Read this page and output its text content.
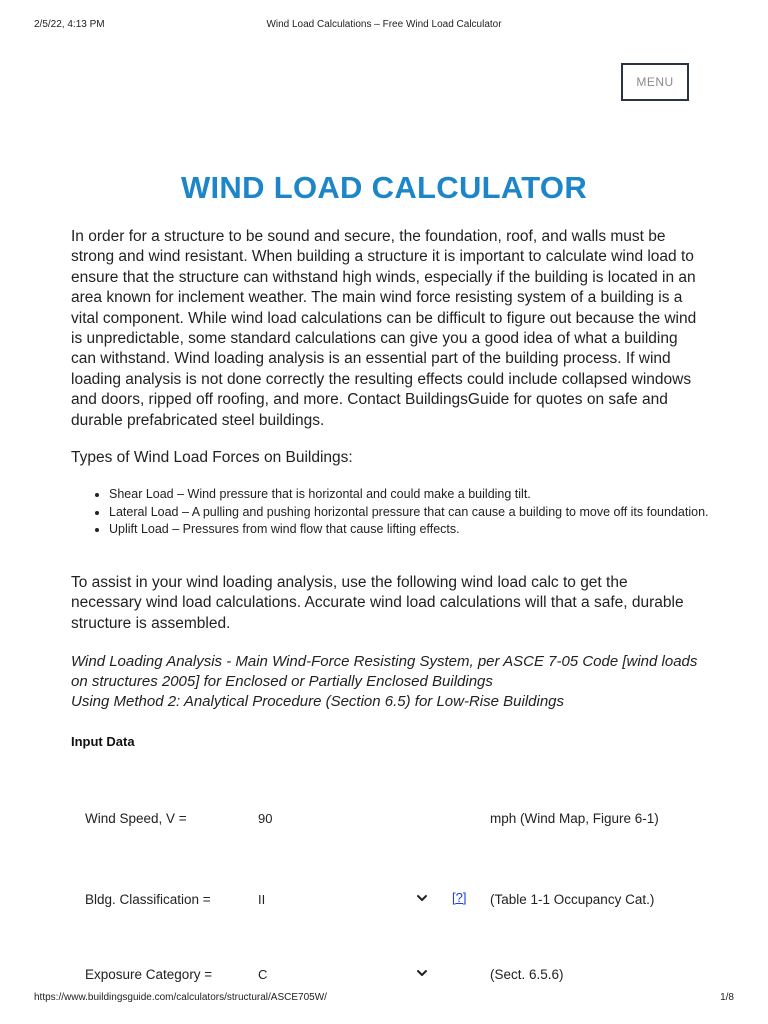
2/5/22, 4:13 PM	Wind Load Calculations – Free Wind Load Calculator
MENU
WIND LOAD CALCULATOR

In order for a structure to be sound and secure, the foundation, roof, and walls must be strong and wind resistant. When building a structure it is important to calculate wind load to ensure that the structure can withstand high winds, especially if the building is located in an area known for inclement weather. The main wind force resisting system of a building is a vital component. While wind load calculations can be difficult to figure out because the wind is unpredictable, some standard calculations can give you a good idea of what a building can withstand. Wind loading analysis is an essential part of the building process. If wind loading analysis is not done correctly the resulting effects could include collapsed windows and doors, ripped off roofing, and more. Contact BuildingsGuide for quotes on safe and durable prefabricated steel buildings.

Types of Wind Load Forces on Buildings:

• Shear Load – Wind pressure that is horizontal and could make a building tilt.
• Lateral Load – A pulling and pushing horizontal pressure that can cause a building to move off its foundation.
• Uplift Load – Pressures from wind flow that cause lifting effects.

To assist in your wind loading analysis, use the following wind load calc to get the necessary wind load calculations. Accurate wind load calculations will that a safe, durable structure is assembled.

Wind Loading Analysis - Main Wind-Force Resisting System, per ASCE 7-05 Code [wind loads
on structures 2005] for Enclosed or Partially Enclosed Buildings
Using Method 2: Analytical Procedure (Section 6.5) for Low-Rise Buildings
Input Data
Wind Speed, V =	90	mph (Wind Map, Figure 6-1)
Bldg. Classification =	II	[?] (Table 1-1 Occupancy Cat.)
Exposure Category =	C	(Sect. 6.5.6)
https://www.buildingsguide.com/calculators/structural/ASCE705W/	1/8
